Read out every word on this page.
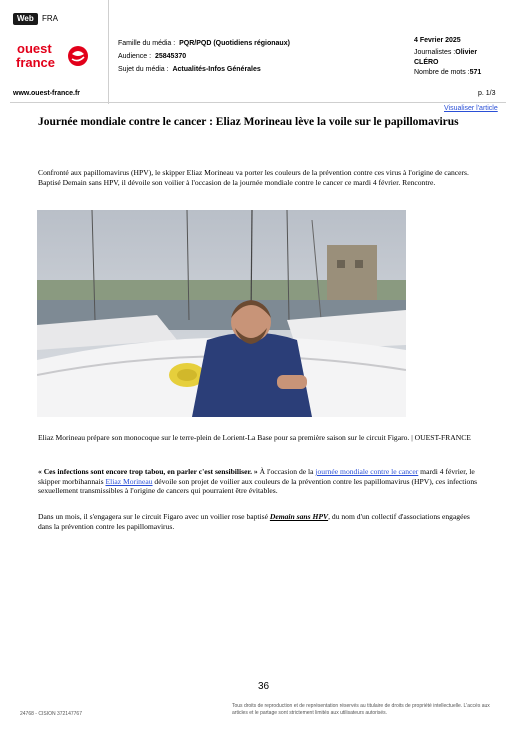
Web	FRA
ouest
france
www.ouest-france.fr
Famille du média : PQR/PQD (Quotidiens régionaux)
Audience : 25845370
Sujet du média : Actualités-Infos Générales
4 Fevrier 2025
Journalistes :Olivier
CLÉRO
Nombre de mots :571
p. 1/3
Visualiser l'article
Journée mondiale contre le cancer : Eliaz Morineau lève la voile sur le papillomavirus
Confronté aux papillomavirus (HPV), le skipper Eliaz Morineau va porter les couleurs de la prévention contre ces virus à l'origine de cancers. Baptisé Demain sans HPV, il dévoile son voilier à l'occasion de la journée mondiale contre le cancer ce mardi 4 février. Rencontre.
Eliaz Morineau prépare son monocoque sur le terre-plein de Lorient-La Base pour sa première saison sur le circuit Figaro. | OUEST-FRANCE
« Ces infections sont encore trop tabou, en parler c'est sensibiliser. » À l'occasion de la journée mondiale contre le cancer mardi 4 février, le skipper morbihannais Eliaz Morineau dévoile son projet de voilier aux couleurs de la prévention contre les papillomavirus (HPV), ces infections sexuellement transmissibles à l'origine de cancers qui pourraient être évitables.
Dans un mois, il s'engagera sur le circuit Figaro avec un voilier rose baptisé Demain sans HPV, du nom d'un collectif d'associations engagées dans la prévention contre les papillomavirus.
36
24768 - CISION 372147767
Tous droits de reproduction et de représentation réservés au titulaire de droits de propriété intellectuelle. L'accès aux articles et le partage sont strictement limités aux utilisateurs autorisés.
